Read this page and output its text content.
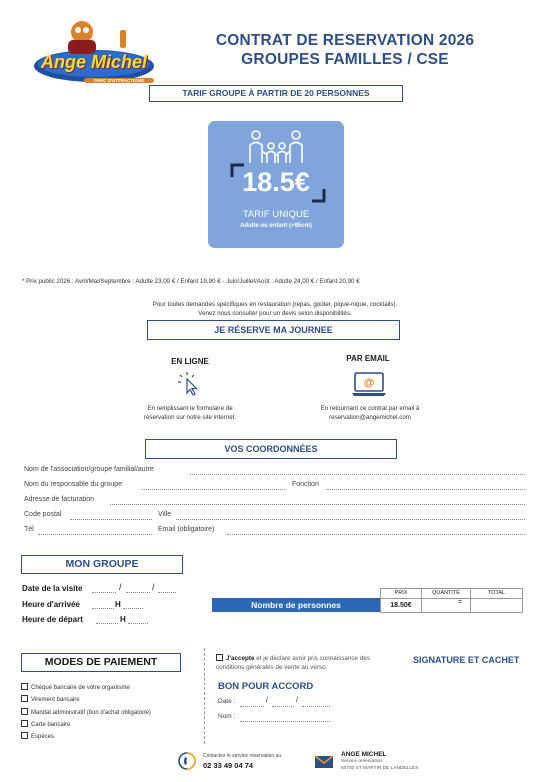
Ange Michel
PARC D'ATTRACTIONS
CONTRAT DE RESERVATION 2026
GROUPES FAMILLES / CSE
TARIF GROUPE À PARTIR DE 20 PERSONNES
18.5€
TARIF UNIQUE
Adulte ou enfant (+95cm)
* Prix public 2026 : Avril/Mai/Septembre : Adulte 23,00 € / Enfant 19,90 € - Juin/Juillet/Août : Adulte 24,00 € / Enfant 20,90 €
Pour toutes demandes spécifiques en restauration (repas, goûter, pique-nique, cocktails).
Venez nous consulter pour un devis selon disponibilités.
JE RÉSERVE MA JOURNEE
EN LIGNE
En remplissant le formulaire de
réservation sur notre site internet.
PAR EMAIL
@
En retournant ce contrat par email à
reservation@angemichel.com
VOS COORDONNÉES
Nom de l'association/groupe familial/autre
Nom du responsable du groupe	Fonction
Adresse de facturation
Code postal	Ville
Tél	Email (obligatoire)
MON GROUPE
Date de la visite	/	/
Heure d'arrivée	H
Heure de départ	H
PRIX	QUANTITÉ	TOTAL
Nombre de personnes	18.50€	=
MODES DE PAIEMENT
Chèque bancaire de votre organisme
Virement bancaire
Mandat administratif (bon d'achat obligatoire)
Carte bancaire
Espèces
J'accepte et je déclare avoir pris connaissance des conditions générales de vente au verso.
BON POUR ACCORD
Date :	/	/
Nom :
SIGNATURE ET CACHET
Contactez le service réservation au
02 33 49 04 74
ANGE MICHEL
Service réservation
50730 ST MARTIN DE LANDELLES
